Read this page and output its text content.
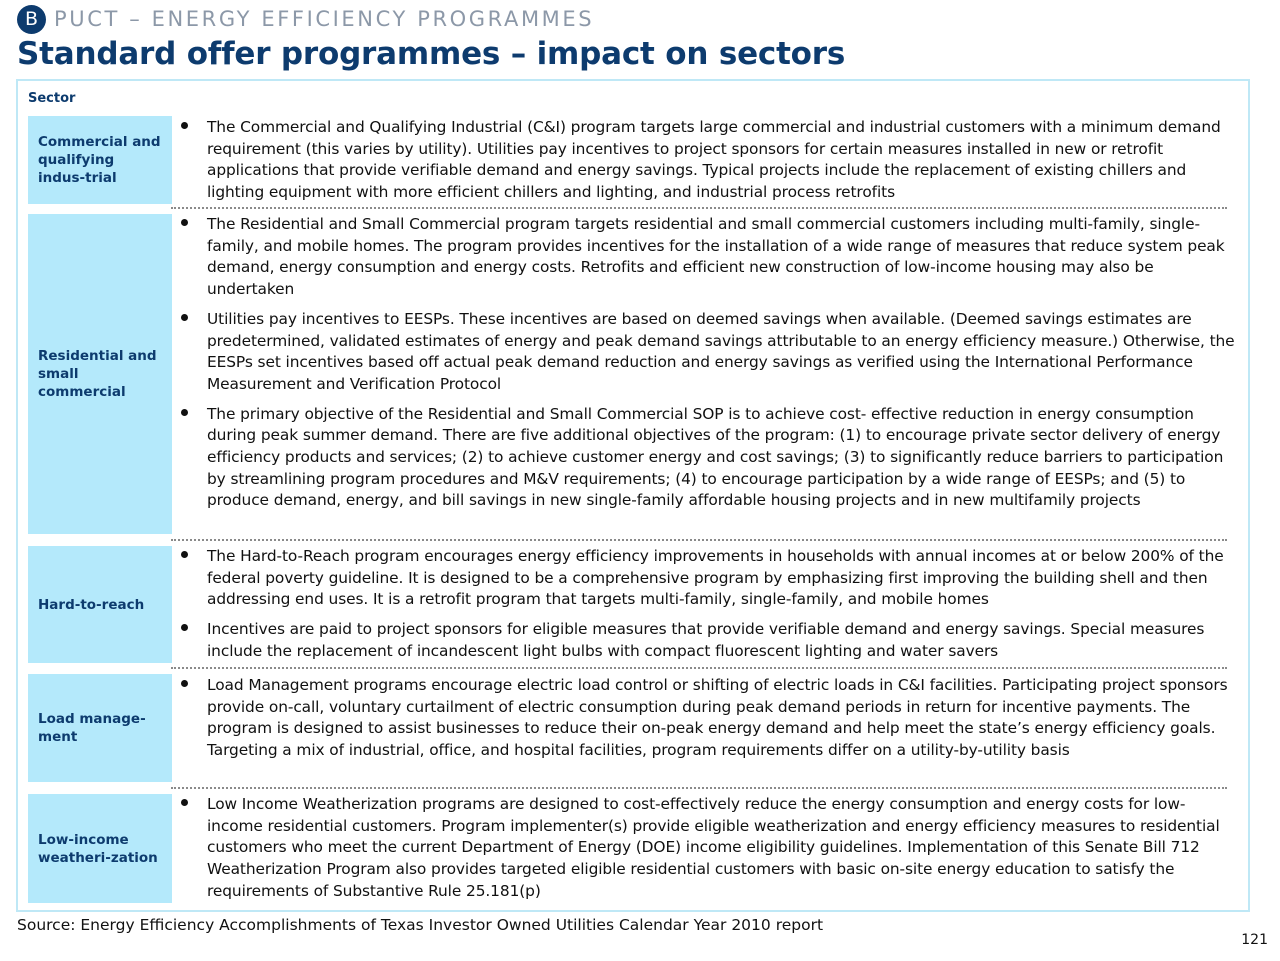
B PUCT – ENERGY EFFICIENCY PROGRAMMES
Standard offer programmes – impact on sectors
Sector
Commercial and qualifying indus-trial
The Commercial and Qualifying Industrial (C&I) program targets large commercial and industrial customers with a minimum demand requirement (this varies by utility). Utilities pay incentives to project sponsors for certain measures installed in new or retrofit applications that provide verifiable demand and energy savings. Typical projects include the replacement of existing chillers and lighting equipment with more efficient chillers and lighting, and industrial process retrofits
Residential and small commercial
The Residential and Small Commercial program targets residential and small commercial customers including multi-family, single-family, and mobile homes. The program provides incentives for the installation of a wide range of measures that reduce system peak demand, energy consumption and energy costs. Retrofits and efficient new construction of low-income housing may also be undertaken
Utilities pay incentives to EESPs. These incentives are based on deemed savings when available. (Deemed savings estimates are predetermined, validated estimates of energy and peak demand savings attributable to an energy efficiency measure.) Otherwise, the EESPs set incentives based off actual peak demand reduction and energy savings as verified using the International Performance Measurement and Verification Protocol
The primary objective of the Residential and Small Commercial SOP is to achieve cost- effective reduction in energy consumption during peak summer demand. There are five additional objectives of the program: (1) to encourage private sector delivery of energy efficiency products and services; (2) to achieve customer energy and cost savings; (3) to significantly reduce barriers to participation by streamlining program procedures and M&V requirements; (4) to encourage participation by a wide range of EESPs; and (5) to produce demand, energy, and bill savings in new single-family affordable housing projects and in new multifamily projects
Hard-to-reach
The Hard-to-Reach program encourages energy efficiency improvements in households with annual incomes at or below 200% of the federal poverty guideline. It is designed to be a comprehensive program by emphasizing first improving the building shell and then addressing end uses. It is a retrofit program that targets multi-family, single-family, and mobile homes
Incentives are paid to project sponsors for eligible measures that provide verifiable demand and energy savings. Special measures include the replacement of incandescent light bulbs with compact fluorescent lighting and water savers
Load manage-ment
Load Management programs encourage electric load control or shifting of electric loads in C&I facilities. Participating project sponsors provide on-call, voluntary curtailment of electric consumption during peak demand periods in return for incentive payments. The program is designed to assist businesses to reduce their on-peak energy demand and help meet the state’s energy efficiency goals. Targeting a mix of industrial, office, and hospital facilities, program requirements differ on a utility-by-utility basis
Low-income weatheri-zation
Low Income Weatherization programs are designed to cost-effectively reduce the energy consumption and energy costs for low-income residential customers. Program implementer(s) provide eligible weatherization and energy efficiency measures to residential customers who meet the current Department of Energy (DOE) income eligibility guidelines. Implementation of this Senate Bill 712 Weatherization Program also provides targeted eligible residential customers with basic on-site energy education to satisfy the requirements of Substantive Rule 25.181(p)
Source: Energy Efficiency Accomplishments of Texas Investor Owned Utilities Calendar Year 2010 report
121
